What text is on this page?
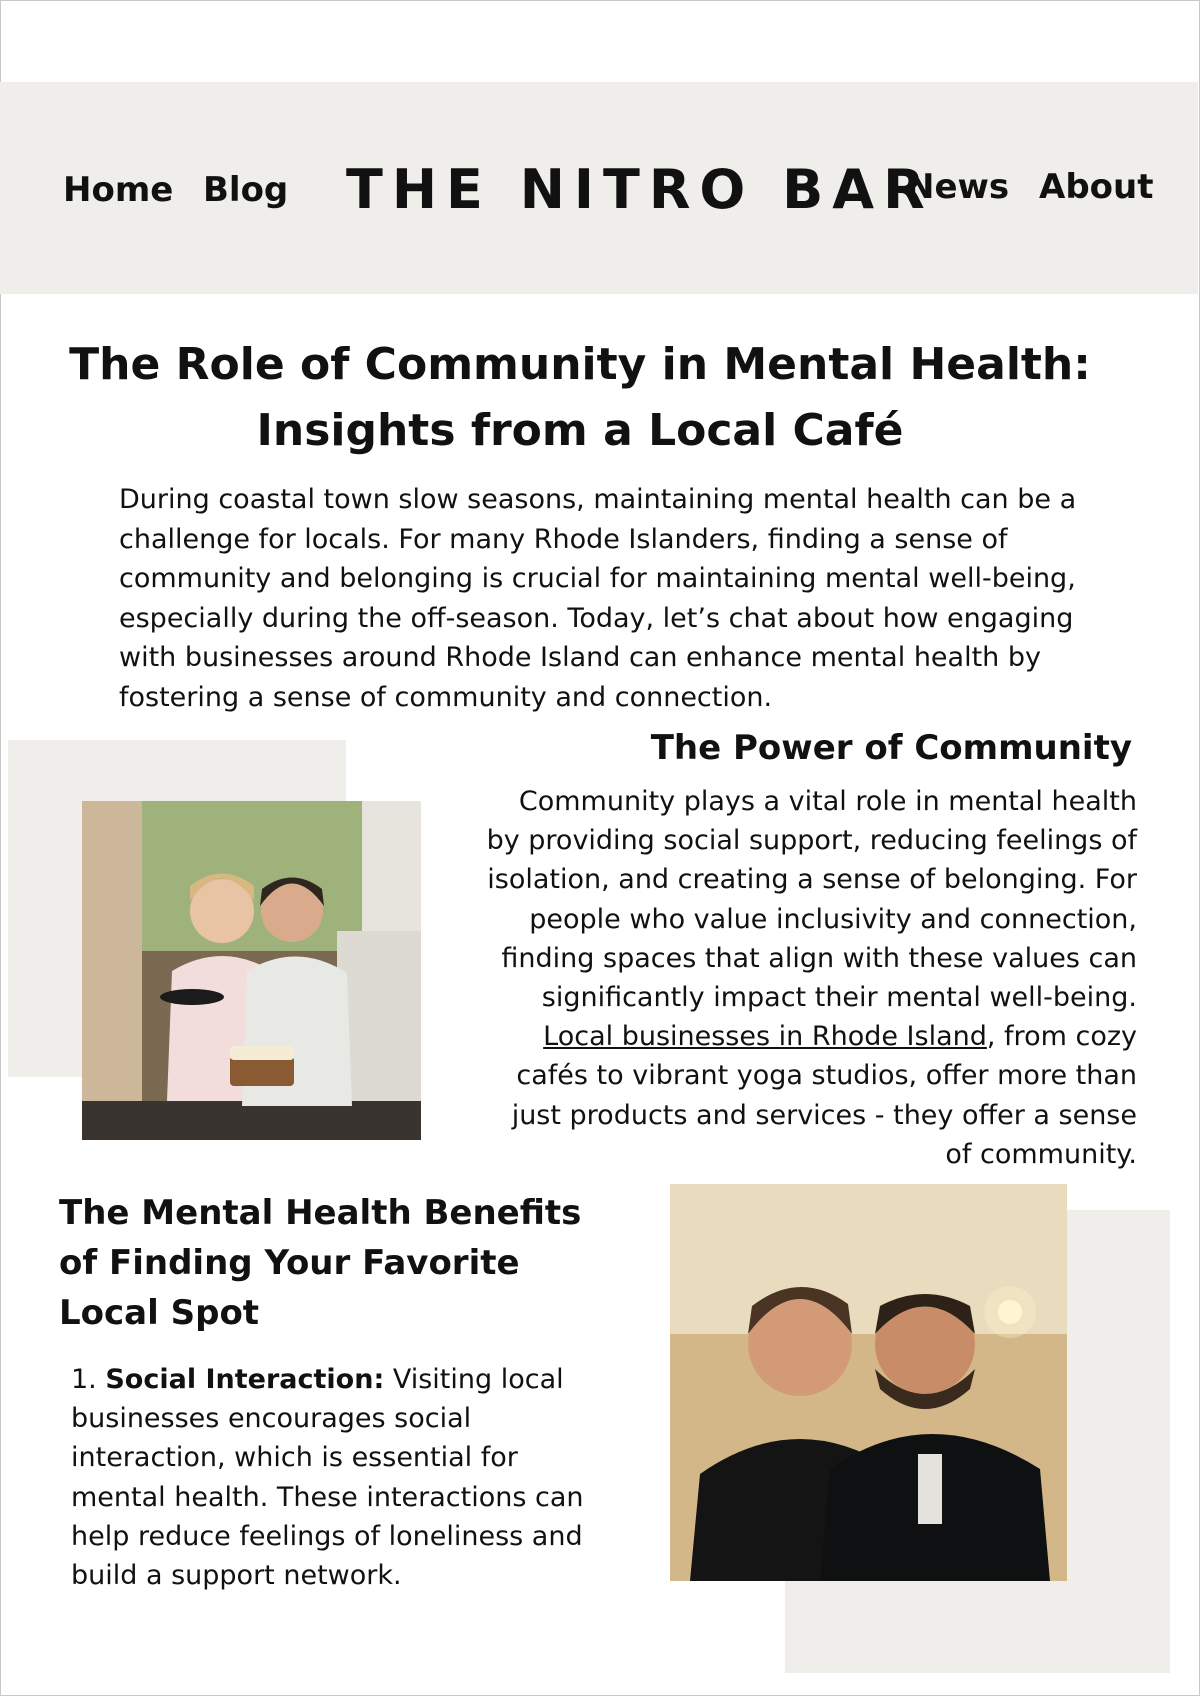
Home Blog THE NITRO BAR
News About
The Role of Community in Mental Health:
Insights from a Local Café

During coastal town slow seasons, maintaining mental health can be a challenge for locals. For many Rhode Islanders, finding a sense of community and belonging is crucial for maintaining mental well-being, especially during the off-season. Today, let’s chat about how engaging with businesses around Rhode Island can enhance mental health by fostering a sense of community and connection.

The Power of Community

Community plays a vital role in mental health by providing social support, reducing feelings of isolation, and creating a sense of belonging. For people who value inclusivity and connection, finding spaces that align with these values can significantly impact their mental well-being. Local businesses in Rhode Island, from cozy cafés to vibrant yoga studios, offer more than just products and services - they offer a sense of community.

The Mental Health Benefits of Finding Your Favorite Local Spot

1. Social Interaction: Visiting local businesses encourages social interaction, which is essential for mental health. These interactions can help reduce feelings of loneliness and build a support network.
